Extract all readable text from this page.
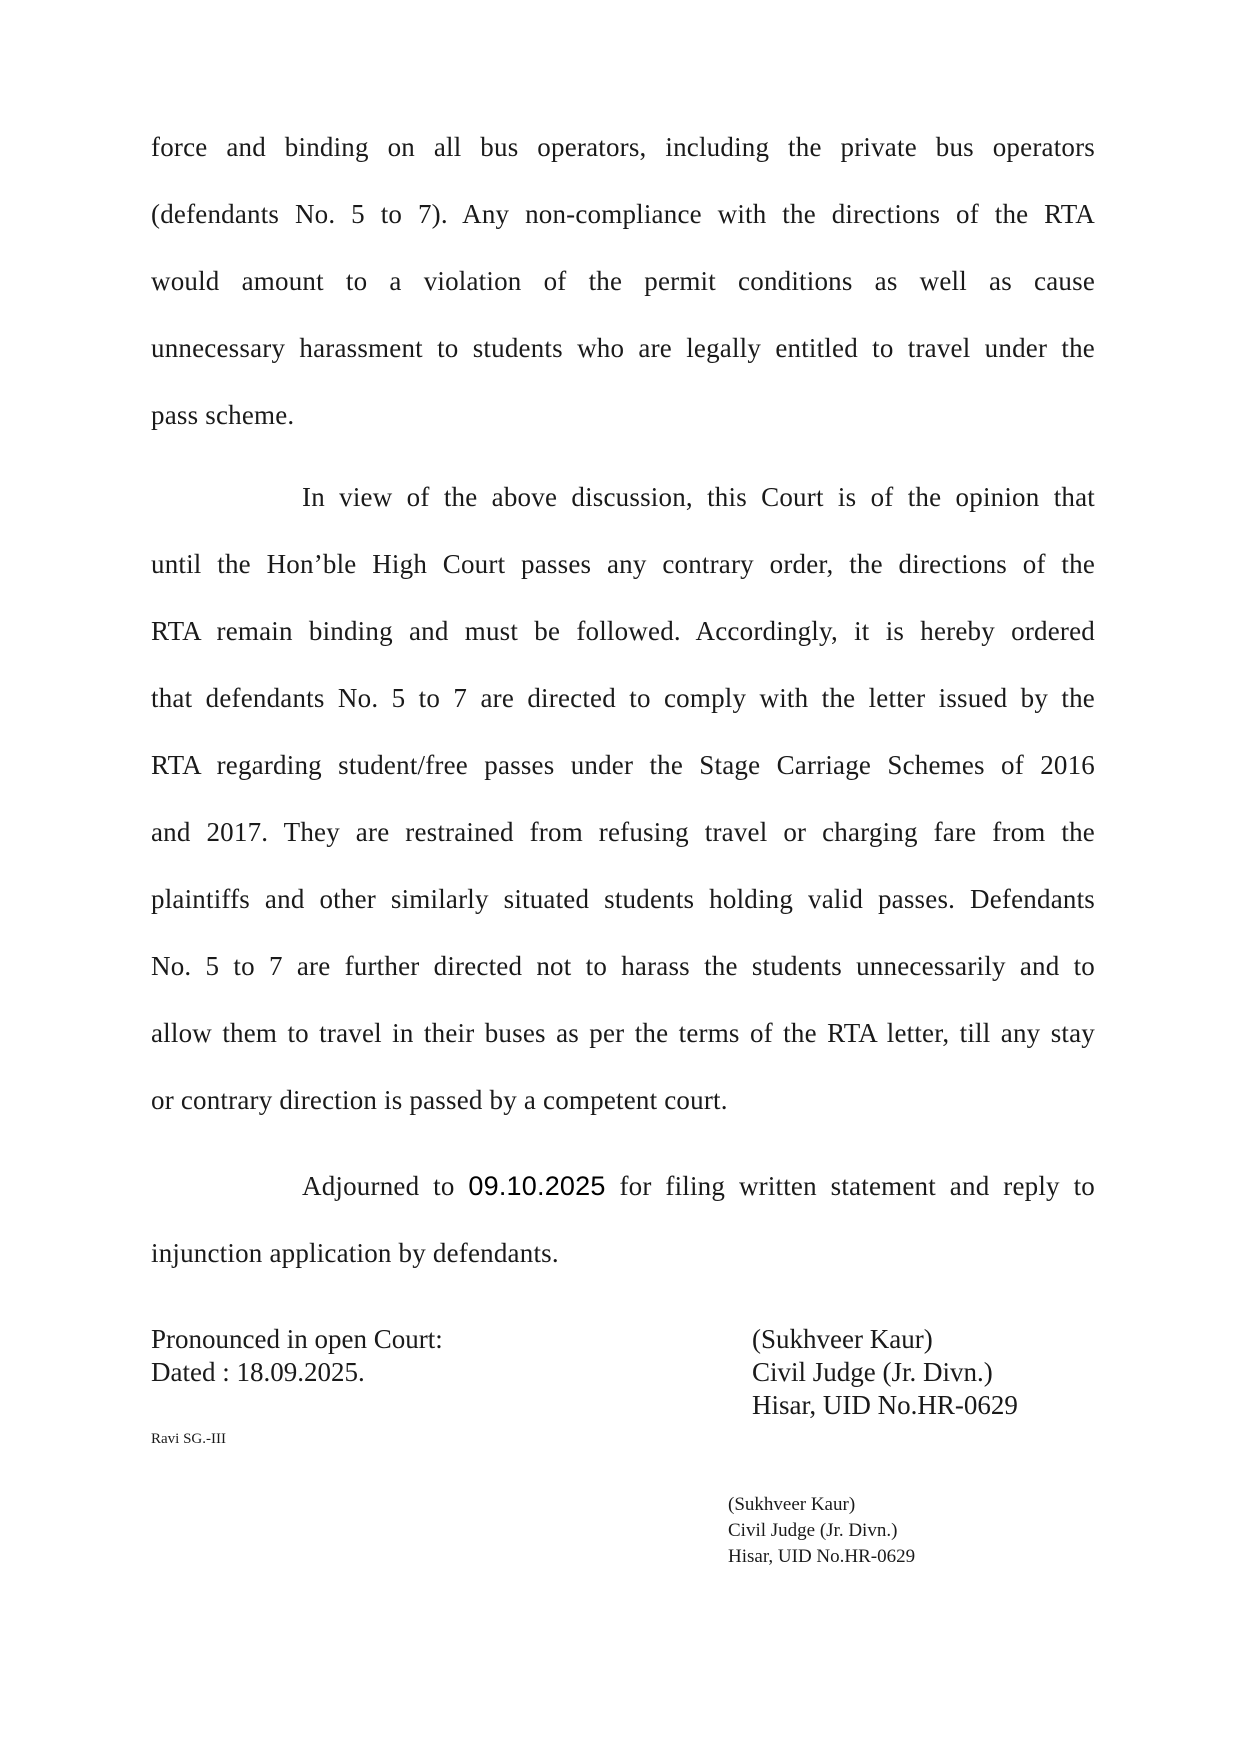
force and binding on all bus operators, including the private bus operators
(defendants No. 5 to 7). Any non-compliance with the directions of the RTA
would amount to a violation of the permit conditions as well as cause
unnecessary harassment to students who are legally entitled to travel under the
pass scheme.
In view of the above discussion, this Court is of the opinion that
until the Hon’ble High Court passes any contrary order, the directions of the
RTA remain binding and must be followed. Accordingly, it is hereby ordered
that defendants No. 5 to 7 are directed to comply with the letter issued by the
RTA regarding student/free passes under the Stage Carriage Schemes of 2016
and 2017. They are restrained from refusing travel or charging fare from the
plaintiffs and other similarly situated students holding valid passes. Defendants
No. 5 to 7 are further directed not to harass the students unnecessarily and to
allow them to travel in their buses as per the terms of the RTA letter, till any stay
or contrary direction is passed by a competent court.
Adjourned to 09.10.2025 for filing written statement and reply to
injunction application by defendants.
Pronounced in open Court:
Dated : 18.09.2025.
(Sukhveer Kaur)
Civil Judge (Jr. Divn.)
Hisar, UID No.HR-0629
Ravi SG.-III
(Sukhveer Kaur)
Civil Judge (Jr. Divn.)
Hisar, UID No.HR-0629
